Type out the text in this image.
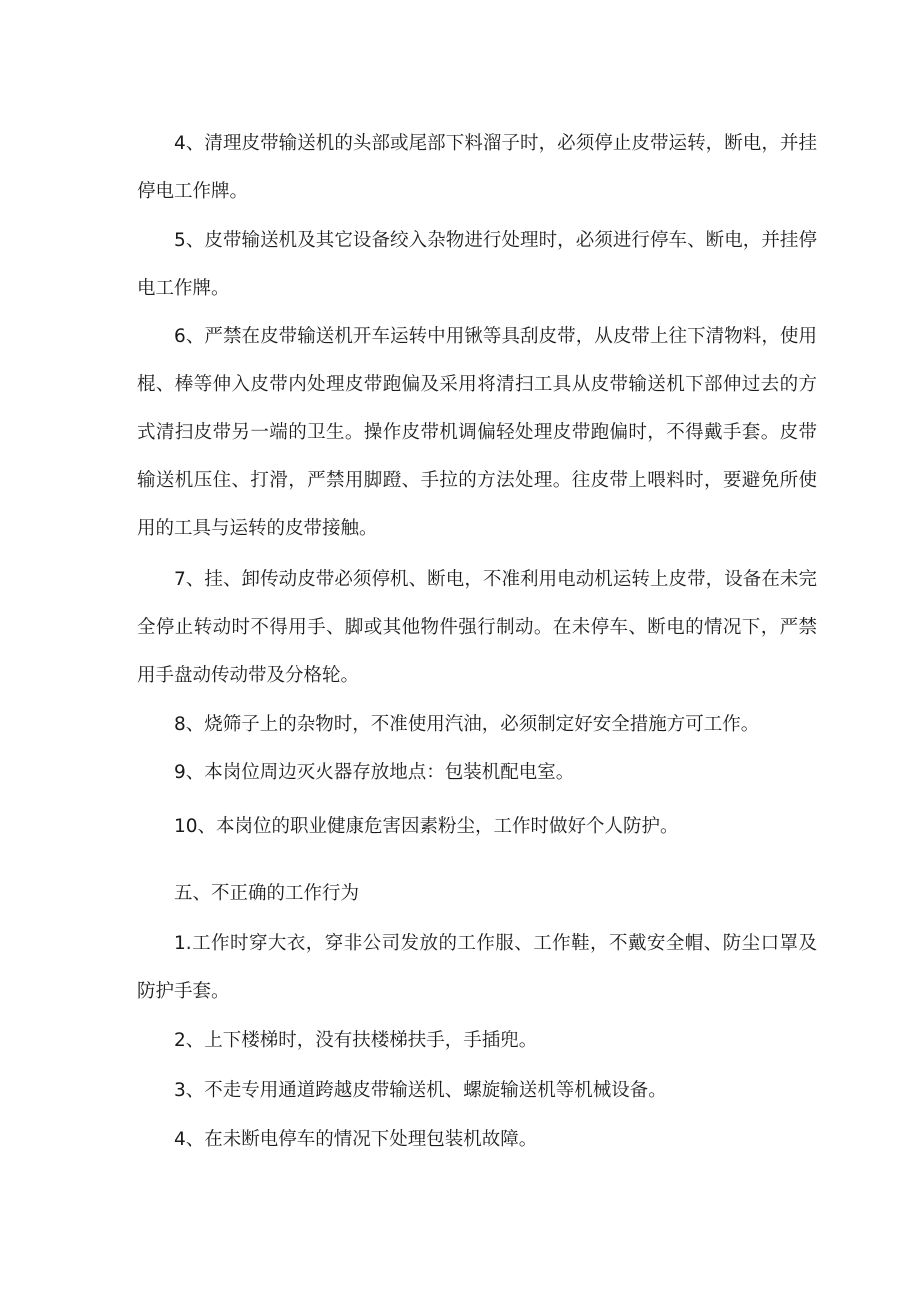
4、清理皮带输送机的头部或尾部下料溜子时，必须停止皮带运转，断电，并挂停电工作牌。

5、皮带输送机及其它设备绞入杂物进行处理时，必须进行停车、断电，并挂停电工作牌。

6、严禁在皮带输送机开车运转中用锹等具刮皮带，从皮带上往下清物料，使用棍、棒等伸入皮带内处理皮带跑偏及采用将清扫工具从皮带输送机下部伸过去的方式清扫皮带另一端的卫生。操作皮带机调偏轻处理皮带跑偏时，不得戴手套。皮带输送机压住、打滑，严禁用脚蹬、手拉的方法处理。往皮带上喂料时，要避免所使用的工具与运转的皮带接触。

7、挂、卸传动皮带必须停机、断电，不准利用电动机运转上皮带，设备在未完全停止转动时不得用手、脚或其他物件强行制动。在未停车、断电的情况下，严禁用手盘动传动带及分格轮。

8、烧筛子上的杂物时，不准使用汽油，必须制定好安全措施方可工作。

9、本岗位周边灭火器存放地点：包装机配电室。

10、本岗位的职业健康危害因素粉尘，工作时做好个人防护。

五、不正确的工作行为

1.工作时穿大衣，穿非公司发放的工作服、工作鞋，不戴安全帽、防尘口罩及防护手套。

2、上下楼梯时，没有扶楼梯扶手，手插兜。

3、不走专用通道跨越皮带输送机、螺旋输送机等机械设备。

4、在未断电停车的情况下处理包装机故障。
